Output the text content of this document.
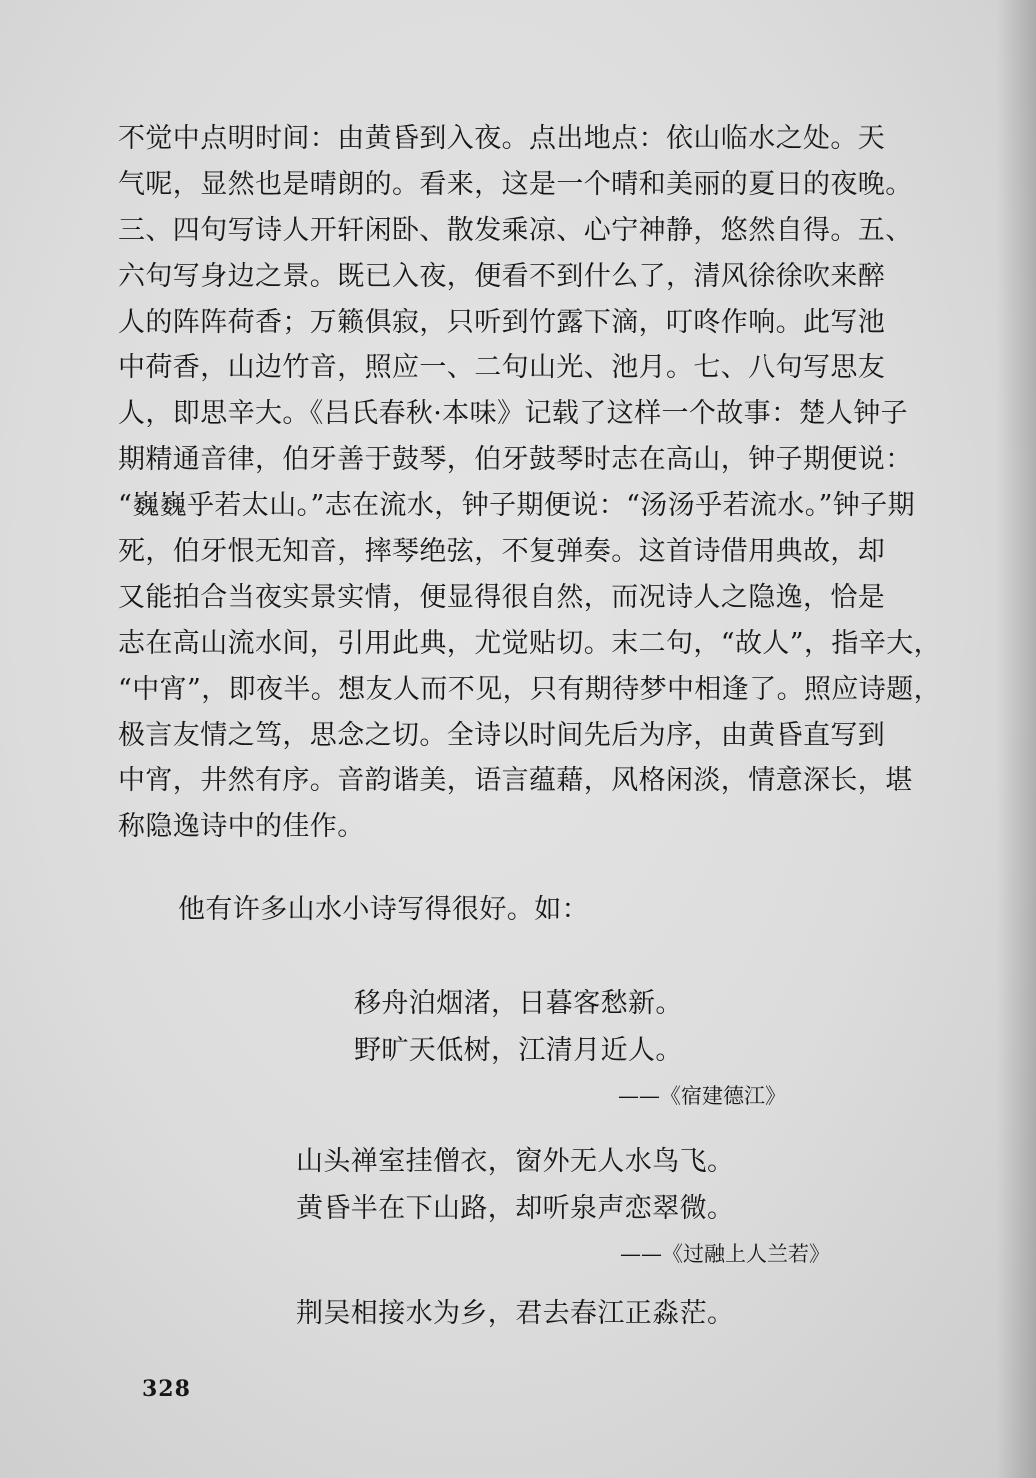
不觉中点明时间：由黄昏到入夜。点出地点：依山临水之处。天
气呢，显然也是晴朗的。看来，这是一个晴和美丽的夏日的夜晚。
三、四句写诗人开轩闲卧、散发乘凉、心宁神静，悠然自得。五、
六句写身边之景。既已入夜，便看不到什么了，清风徐徐吹来醉
人的阵阵荷香；万籁俱寂，只听到竹露下滴，叮咚作响。此写池
中荷香，山边竹音，照应一、二句山光、池月。七、八句写思友
人，即思辛大。《吕氏春秋·本味》记载了这样一个故事：楚人钟子
期精通音律，伯牙善于鼓琴，伯牙鼓琴时志在高山，钟子期便说：
“巍巍乎若太山。”志在流水，钟子期便说：“汤汤乎若流水。”钟子期
死，伯牙恨无知音，摔琴绝弦，不复弹奏。这首诗借用典故，却
又能拍合当夜实景实情，便显得很自然，而况诗人之隐逸，恰是
志在高山流水间，引用此典，尤觉贴切。末二句，“故人”，指辛大，
“中宵”，即夜半。想友人而不见，只有期待梦中相逢了。照应诗题，
极言友情之笃，思念之切。全诗以时间先后为序，由黄昏直写到
中宵，井然有序。音韵谐美，语言蕴藉，风格闲淡，情意深长，堪
称隐逸诗中的佳作。
他有许多山水小诗写得很好。如：
移舟泊烟渚，日暮客愁新。
野旷天低树，江清月近人。
——《宿建德江》
山头禅室挂僧衣，窗外无人水鸟飞。
黄昏半在下山路，却听泉声恋翠微。
——《过融上人兰若》
荆吴相接水为乡，君去春江正淼茫。
328
